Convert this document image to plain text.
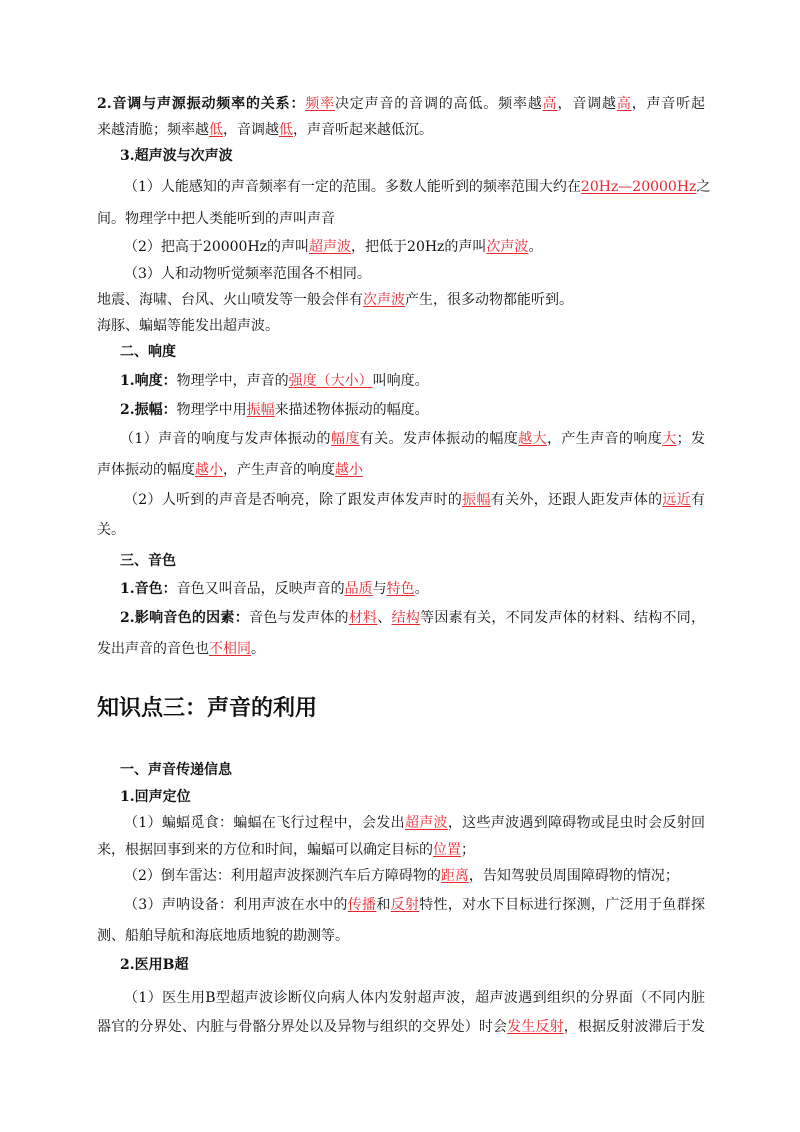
2.音调与声源振动频率的关系：频率决定声音的音调的高低。频率越高，音调越高，声音听起
来越清脆；频率越低，音调越低，声音听起来越低沉。
3.超声波与次声波
（1）人能感知的声音频率有一定的范围。多数人能听到的频率范围大约在20Hz—20000Hz之
间。物理学中把人类能听到的声叫声音
（2）把高于20000Hz的声叫超声波，把低于20Hz的声叫次声波。
（3）人和动物听觉频率范围各不相同。
地震、海啸、台风、火山喷发等一般会伴有次声波产生，很多动物都能听到。
海豚、蝙蝠等能发出超声波。
二、响度
1.响度：物理学中，声音的强度（大小）叫响度。
2.振幅：物理学中用振幅来描述物体振动的幅度。
（1）声音的响度与发声体振动的幅度有关。发声体振动的幅度越大，产生声音的响度大；发
声体振动的幅度越小，产生声音的响度越小
（2）人听到的声音是否响亮，除了跟发声体发声时的振幅有关外，还跟人距发声体的远近有
关。
三、音色
1.音色：音色又叫音品，反映声音的品质与特色。
2.影响音色的因素：音色与发声体的材料、结构等因素有关，不同发声体的材料、结构不同，
发出声音的音色也不相同。
知识点三：声音的利用
一、声音传递信息
1.回声定位
（1）蝙蝠觅食：蝙蝠在飞行过程中，会发出超声波，这些声波遇到障碍物或昆虫时会反射回
来，根据回事到来的方位和时间，蝙蝠可以确定目标的位置；
（2）倒车雷达：利用超声波探测汽车后方障碍物的距离，告知驾驶员周围障碍物的情况；
（3）声呐设备：利用声波在水中的传播和反射特性，对水下目标进行探测，广泛用于鱼群探
测、船舶导航和海底地质地貌的勘测等。
2.医用B超
（1）医生用B型超声波诊断仪向病人体内发射超声波，超声波遇到组织的分界面（不同内脏
器官的分界处、内脏与骨骼分界处以及异物与组织的交界处）时会发生反射，根据反射波滞后于发
